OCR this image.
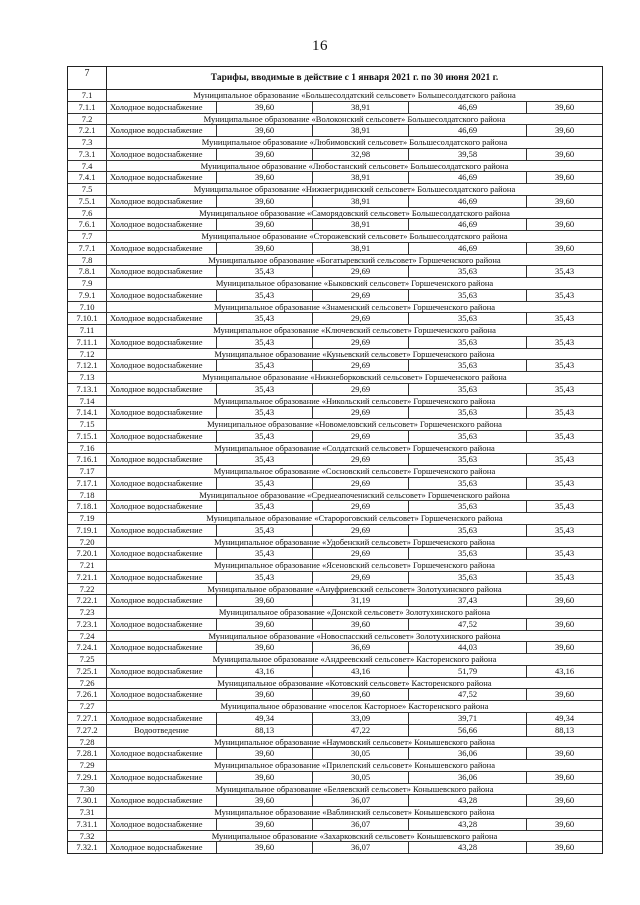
16
7	Тарифы, вводимые в действие с 1 января 2021 г. по 30 июня 2021 г.
7.1	Муниципальное образование «Большесолдатский сельсовет» Большесолдатского района
7.1.1	Холодное водоснабжение	39,60	38,91	46,69	39,60
7.2	Муниципальное образование «Волоконский сельсовет» Большесолдатского района
7.2.1	Холодное водоснабжение	39,60	38,91	46,69	39,60
7.3	Муниципальное образование «Любимовский сельсовет» Большесолдатского района
7.3.1	Холодное водоснабжение	39,60	32,98	39,58	39,60
7.4	Муниципальное образование «Любостанский сельсовет» Большесолдатского района
7.4.1	Холодное водоснабжение	39,60	38,91	46,69	39,60
7.5	Муниципальное образование «Нижнегридинский сельсовет» Большесолдатского района
7.5.1	Холодное водоснабжение	39,60	38,91	46,69	39,60
7.6	Муниципальное образование «Саморядовский сельсовет» Большесолдатского района
7.6.1	Холодное водоснабжение	39,60	38,91	46,69	39,60
7.7	Муниципальное образование «Сторожевский сельсовет» Большесолдатского района
7.7.1	Холодное водоснабжение	39,60	38,91	46,69	39,60
7.8	Муниципальное образование «Богатыревский сельсовет» Горшеченского района
7.8.1	Холодное водоснабжение	35,43	29,69	35,63	35,43
7.9	Муниципальное образование «Быковский сельсовет» Горшеченского района
7.9.1	Холодное водоснабжение	35,43	29,69	35,63	35,43
7.10	Муниципальное образование «Знаменский сельсовет» Горшеченского района
7.10.1	Холодное водоснабжение	35,43	29,69	35,63	35,43
7.11	Муниципальное образование «Ключевский сельсовет» Горшеченского района
7.11.1	Холодное водоснабжение	35,43	29,69	35,63	35,43
7.12	Муниципальное образование «Куньевский сельсовет» Горшеченского района
7.12.1	Холодное водоснабжение	35,43	29,69	35,63	35,43
7.13	Муниципальное образование «Нижнеборковский сельсовет» Горшеченского района
7.13.1	Холодное водоснабжение	35,43	29,69	35,63	35,43
7.14	Муниципальное образование «Никольский сельсовет» Горшеченского района
7.14.1	Холодное водоснабжение	35,43	29,69	35,63	35,43
7.15	Муниципальное образование «Новомеловский сельсовет» Горшеченского района
7.15.1	Холодное водоснабжение	35,43	29,69	35,63	35,43
7.16	Муниципальное образование «Солдатский сельсовет» Горшеченского района
7.16.1	Холодное водоснабжение	35,43	29,69	35,63	35,43
7.17	Муниципальное образование «Сосновский сельсовет» Горшеченского района
7.17.1	Холодное водоснабжение	35,43	29,69	35,63	35,43
7.18	Муниципальное образование «Среднеапочениский сельсовет» Горшеченского района
7.18.1	Холодное водоснабжение	35,43	29,69	35,63	35,43
7.19	Муниципальное образование «Старороговский сельсовет» Горшеченского района
7.19.1	Холодное водоснабжение	35,43	29,69	35,63	35,43
7.20	Муниципальное образование «Удобенский сельсовет» Горшеченского района
7.20.1	Холодное водоснабжение	35,43	29,69	35,63	35,43
7.21	Муниципальное образование «Ясеновский сельсовет» Горшеченского района
7.21.1	Холодное водоснабжение	35,43	29,69	35,63	35,43
7.22	Муниципальное образование «Ануфриевский сельсовет» Золотухинского района
7.22.1	Холодное водоснабжение	39,60	31,19	37,43	39,60
7.23	Муниципальное образование «Донской сельсовет» Золотухинского района
7.23.1	Холодное водоснабжение	39,60	39,60	47,52	39,60
7.24	Муниципальное образование «Новоспасский сельсовет» Золотухинского района
7.24.1	Холодное водоснабжение	39,60	36,69	44,03	39,60
7.25	Муниципальное образование «Андреевский сельсовет» Касторенского района
7.25.1	Холодное водоснабжение	43,16	43,16	51,79	43,16
7.26	Муниципальное образование «Котовский сельсовет» Касторенского района
7.26.1	Холодное водоснабжение	39,60	39,60	47,52	39,60
7.27	Муниципальное образование «поселок Касторное» Касторенского района
7.27.1	Холодное водоснабжение	49,34	33,09	39,71	49,34
7.27.2	Водоотведение	88,13	47,22	56,66	88,13
7.28	Муниципальное образование «Наумовский сельсовет» Конышевского района
7.28.1	Холодное водоснабжение	39,60	30,05	36,06	39,60
7.29	Муниципальное образование «Прилепский сельсовет» Конышевского района
7.29.1	Холодное водоснабжение	39,60	30,05	36,06	39,60
7.30	Муниципальное образование «Беляевский сельсовет» Конышевского района
7.30.1	Холодное водоснабжение	39,60	36,07	43,28	39,60
7.31	Муниципальное образование «Ваблинский сельсовет» Конышевского района
7.31.1	Холодное водоснабжение	39,60	36,07	43,28	39,60
7.32	Муниципальное образование «Захарковский сельсовет» Конышевского района
7.32.1	Холодное водоснабжение	39,60	36,07	43,28	39,60
